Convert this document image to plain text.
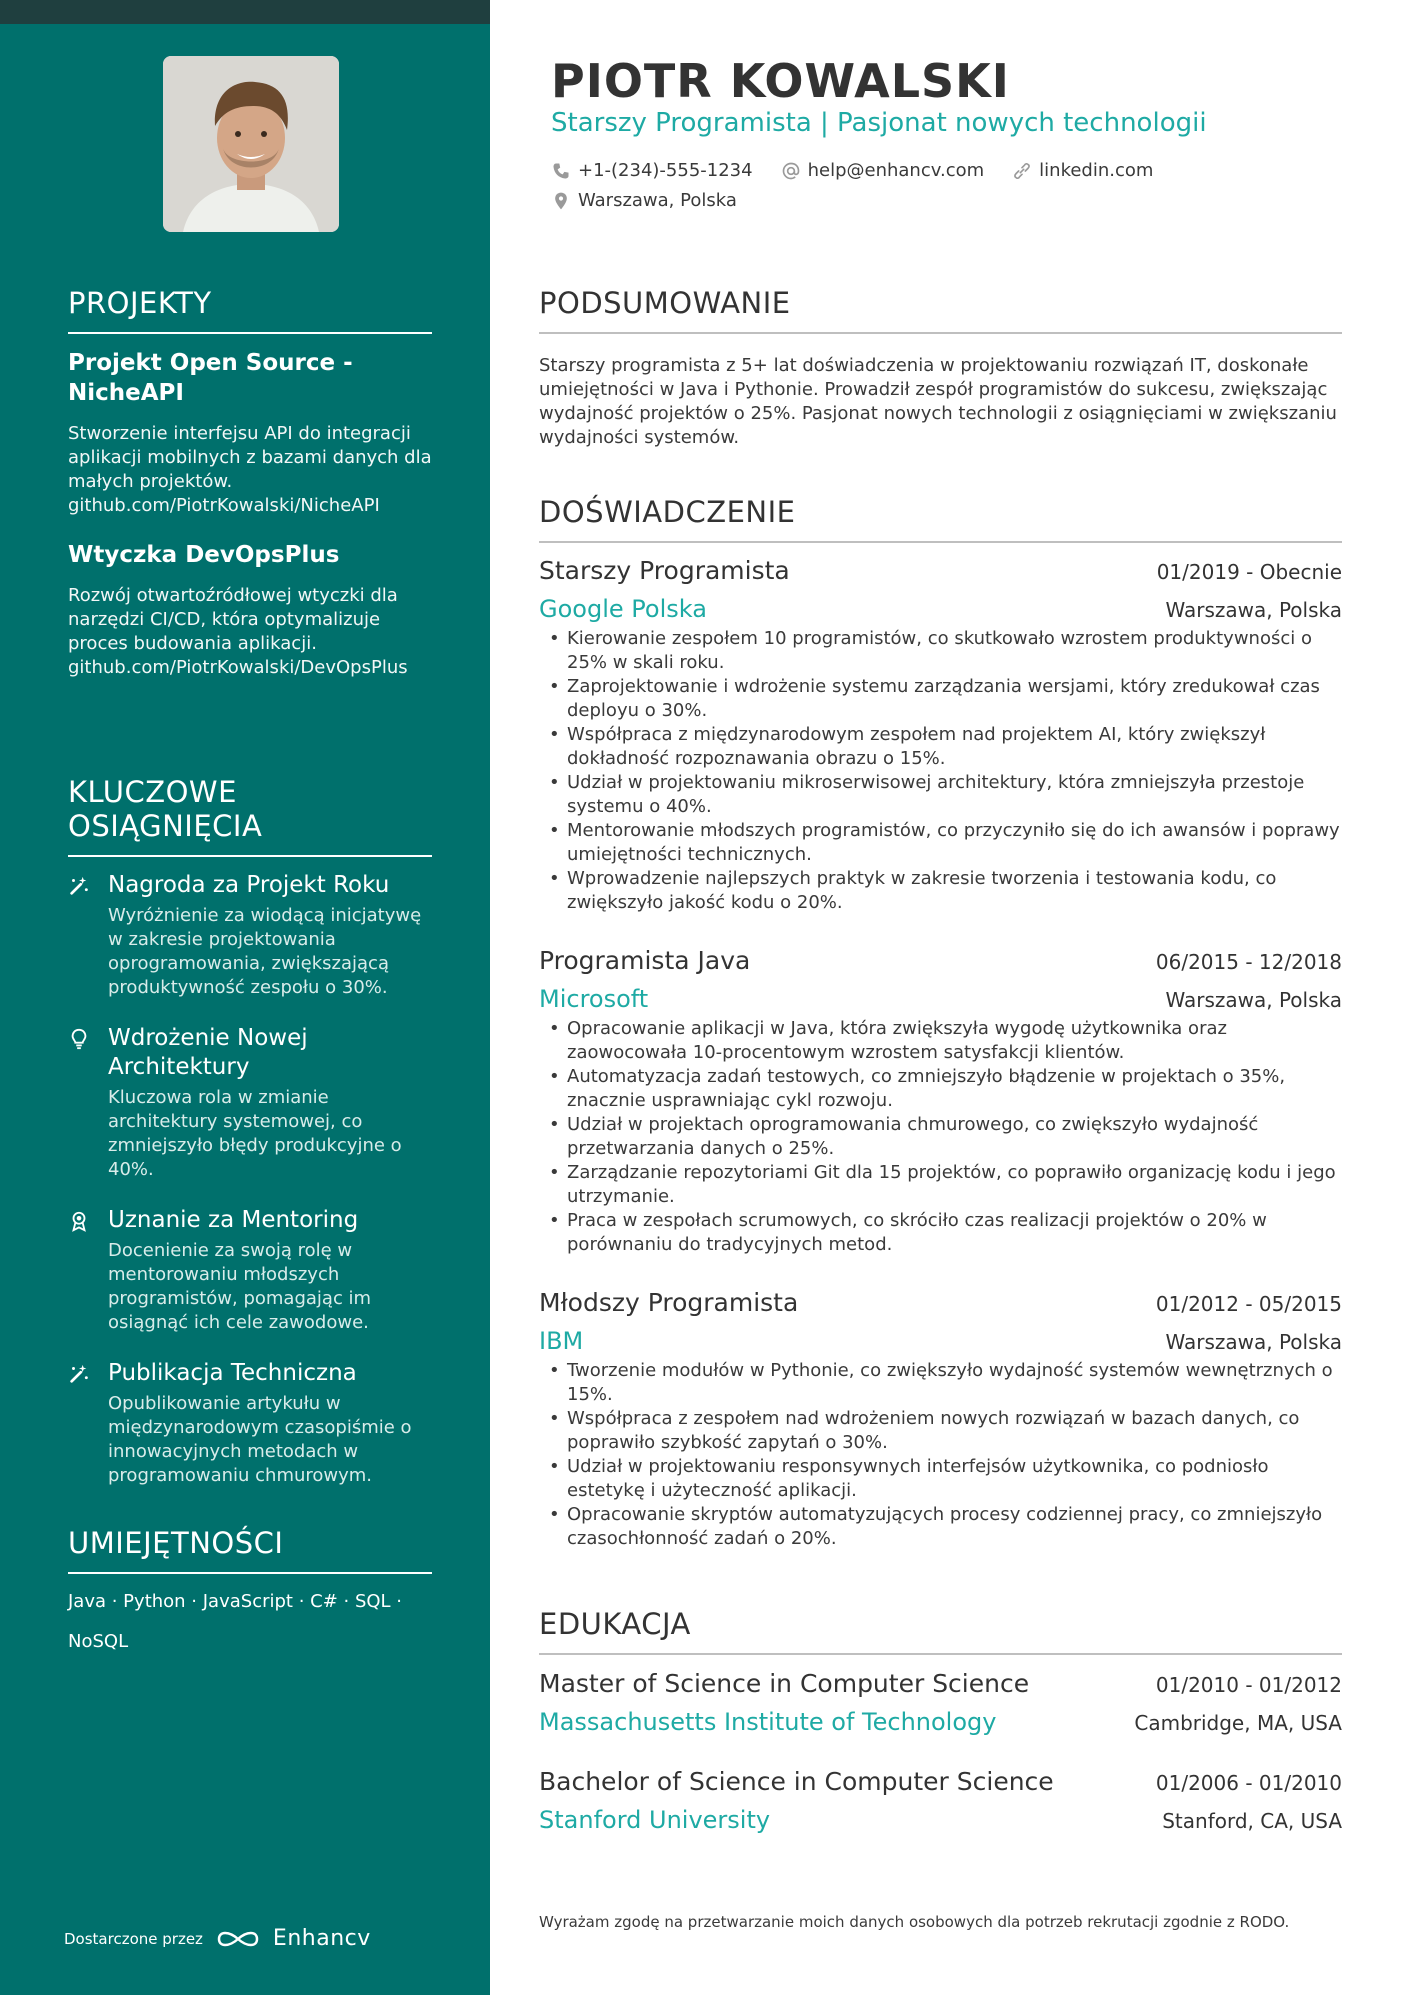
PROJEKTY
Projekt Open Source - NicheAPI
Stworzenie interfejsu API do integracji aplikacji mobilnych z bazami danych dla małych projektów. github.com/PiotrKowalski/NicheAPI
Wtyczka DevOpsPlus
Rozwój otwartoźródłowej wtyczki dla narzędzi CI/CD, która optymalizuje proces budowania aplikacji. github.com/PiotrKowalski/DevOpsPlus
KLUCZOWE OSIĄGNIĘCIA
Nagroda za Projekt Roku
Wyróżnienie za wiodącą inicjatywę w zakresie projektowania oprogramowania, zwiększającą produktywność zespołu o 30%.
Wdrożenie Nowej Architektury
Kluczowa rola w zmianie architektury systemowej, co zmniejszyło błędy produkcyjne o 40%.
Uznanie za Mentoring
Docenienie za swoją rolę w mentorowaniu młodszych programistów, pomagając im osiągnąć ich cele zawodowe.
Publikacja Techniczna
Opublikowanie artykułu w międzynarodowym czasopiśmie o innowacyjnych metodach w programowaniu chmurowym.
UMIEJĘTNOŚCI
Java · Python · JavaScript · C# · SQL ·
NoSQL
Dostarczone przez	Enhancv
PIOTR KOWALSKI
Starszy Programista | Pasjonat nowych technologii
+1-(234)-555-1234	help@enhancv.com	linkedin.com
Warszawa, Polska
PODSUMOWANIE

Starszy programista z 5+ lat doświadczenia w projektowaniu rozwiązań IT, doskonałe umiejętności w Java i Pythonie. Prowadził zespół programistów do sukcesu, zwiększając wydajność projektów o 25%. Pasjonat nowych technologii z osiągnięciami w zwiększaniu wydajności systemów.

DOŚWIADCZENIE
Starszy Programista	01/2019 - Obecnie
Google Polska	Warszawa, Polska
• Kierowanie zespołem 10 programistów, co skutkowało wzrostem produktywności o 25% w skali roku.
• Zaprojektowanie i wdrożenie systemu zarządzania wersjami, który zredukował czas deployu o 30%.
• Współpraca z międzynarodowym zespołem nad projektem AI, który zwiększył dokładność rozpoznawania obrazu o 15%.
• Udział w projektowaniu mikroserwisowej architektury, która zmniejszyła przestoje systemu o 40%.
• Mentorowanie młodszych programistów, co przyczyniło się do ich awansów i poprawy umiejętności technicznych.
• Wprowadzenie najlepszych praktyk w zakresie tworzenia i testowania kodu, co zwiększyło jakość kodu o 20%.
Programista Java	06/2015 - 12/2018
Microsoft	Warszawa, Polska
• Opracowanie aplikacji w Java, która zwiększyła wygodę użytkownika oraz zaowocowała 10-procentowym wzrostem satysfakcji klientów.
• Automatyzacja zadań testowych, co zmniejszyło błądzenie w projektach o 35%, znacznie usprawniając cykl rozwoju.
• Udział w projektach oprogramowania chmurowego, co zwiększyło wydajność przetwarzania danych o 25%.
• Zarządzanie repozytoriami Git dla 15 projektów, co poprawiło organizację kodu i jego utrzymanie.
• Praca w zespołach scrumowych, co skróciło czas realizacji projektów o 20% w porównaniu do tradycyjnych metod.
Młodszy Programista	01/2012 - 05/2015
IBM	Warszawa, Polska
• Tworzenie modułów w Pythonie, co zwiększyło wydajność systemów wewnętrznych o 15%.
• Współpraca z zespołem nad wdrożeniem nowych rozwiązań w bazach danych, co poprawiło szybkość zapytań o 30%.
• Udział w projektowaniu responsywnych interfejsów użytkownika, co podniosło estetykę i użyteczność aplikacji.
• Opracowanie skryptów automatyzujących procesy codziennej pracy, co zmniejszyło czasochłonność zadań o 20%.
EDUKACJA
Master of Science in Computer Science	01/2010 - 01/2012
Massachusetts Institute of Technology	Cambridge, MA, USA
Bachelor of Science in Computer Science	01/2006 - 01/2010
Stanford University	Stanford, CA, USA
Wyrażam zgodę na przetwarzanie moich danych osobowych dla potrzeb rekrutacji zgodnie z RODO.
